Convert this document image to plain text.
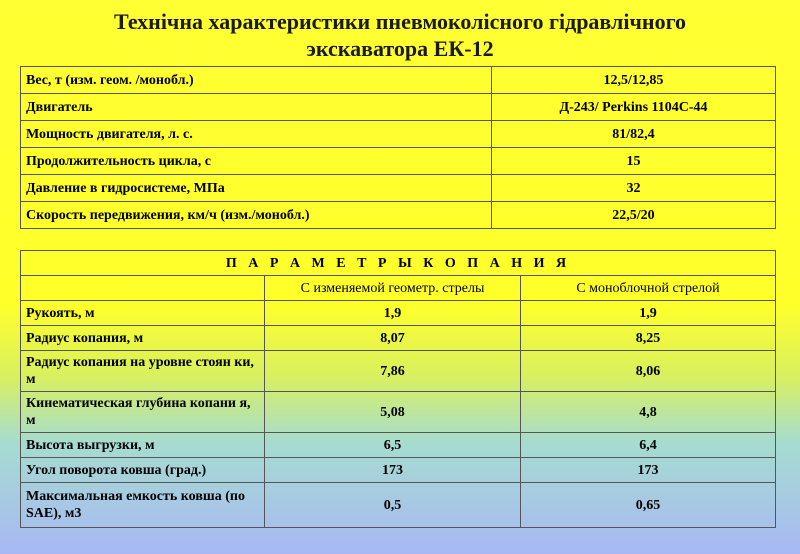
Технічна характеристики пневмоколісного гідравлічного
экскаватора ЕК-12
Вес, т (изм. геом. /монобл.)	12,5/12,85
Двигатель	Д-243/ Perkins 1104С-44
Мощность двигателя, л. с.	81/82,4
Продолжительность цикла, с	15
Давление в гидросистеме, МПа	32
Скорость передвижения, км/ч (изм./монобл.)	22,5/20
П А Р А М Е Т Р Ы К О П А Н И Я		
	С изменяемой геометр. стрелы	С моноблочной стрелой
Рукоять, м	1,9	1,9
Радиус копания, м	8,07	8,25
Радиус копания на уровне стоян ки, м	7,86	8,06
Кинематическая глубина копани я, м	5,08	4,8
Высота выгрузки, м	6,5	6,4
Угол поворота ковша (град.)	173	173
Максимальная емкость ковша (по SAE), м3	0,5	0,65
